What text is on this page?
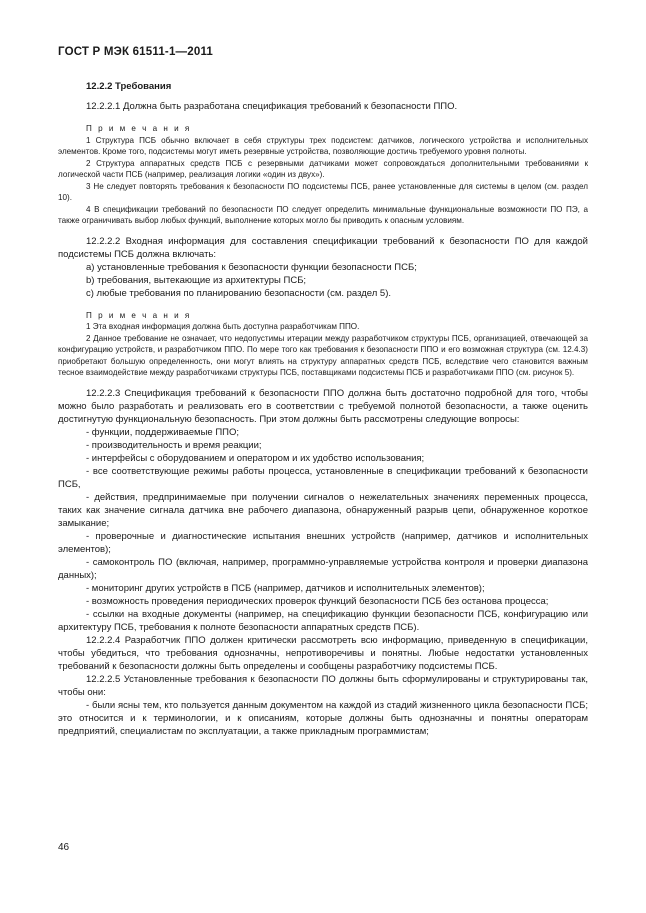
ГОСТ Р МЭК 61511-1—2011

12.2.2 Требования

12.2.2.1 Должна быть разработана спецификация требований к безопасности ППО.

П р и м е ч а н и я

1 Структура ПСБ обычно включает в себя структуры трех подсистем: датчиков, логического устройства и исполнительных элементов. Кроме того, подсистемы могут иметь резервные устройства, позволяющие достичь требуемого уровня полноты.

2 Структура аппаратных средств ПСБ с резервными датчиками может сопровождаться дополнительными требованиями к логической части ПСБ (например, реализация логики «один из двух»).

3 Не следует повторять требования к безопасности ПО подсистемы ПСБ, ранее установленные для системы в целом (см. раздел 10).

4 В спецификации требований по безопасности ПО следует определить минимальные функциональные возможности ПО ПЭ, а также ограничивать выбор любых функций, выполнение которых могло бы приводить к опасным условиям.

12.2.2.2 Входная информация для составления спецификации требований к безопасности ПО для каждой подсистемы ПСБ должна включать:

a) установленные требования к безопасности функции безопасности ПСБ;

b) требования, вытекающие из архитектуры ПСБ;

c) любые требования по планированию безопасности (см. раздел 5).

П р и м е ч а н и я

1 Эта входная информация должна быть доступна разработчикам ППО.

2 Данное требование не означает, что недопустимы итерации между разработчиком структуры ПСБ, организацией, отвечающей за конфигурацию устройств, и разработчиком ППО. По мере того как требования к безопасности ППО и его возможная структура (см. 12.4.3) приобретают большую определенность, они могут влиять на структуру аппаратных средств ПСБ, вследствие чего становится важным тесное взаимодействие между разработчиками структуры ПСБ, поставщиками подсистемы ПСБ и разработчиками ППО (см. рисунок 5).

12.2.2.3 Спецификация требований к безопасности ППО должна быть достаточно подробной для того, чтобы можно было разработать и реализовать его в соответствии с требуемой полнотой безопасности, а также оценить достигнутую функциональную безопасность. При этом должны быть рассмотрены следующие вопросы:

- функции, поддерживаемые ППО;

- производительность и время реакции;

- интерфейсы с оборудованием и оператором и их удобство использования;

- все соответствующие режимы работы процесса, установленные в спецификации требований к безопасности ПСБ,

- действия, предпринимаемые при получении сигналов о нежелательных значениях переменных процесса, таких как значение сигнала датчика вне рабочего диапазона, обнаруженный разрыв цепи, обнаруженное короткое замыкание;

- проверочные и диагностические испытания внешних устройств (например, датчиков и исполнительных элементов);

- самоконтроль ПО (включая, например, программно-управляемые устройства контроля и проверки диапазона данных);

- мониторинг других устройств в ПСБ (например, датчиков и исполнительных элементов);

- возможность проведения периодических проверок функций безопасности ПСБ без останова процесса;

- ссылки на входные документы (например, на спецификацию функции безопасности ПСБ, конфигурацию или архитектуру ПСБ, требования к полноте безопасности аппаратных средств ПСБ).

12.2.2.4 Разработчик ППО должен критически рассмотреть всю информацию, приведенную в спецификации, чтобы убедиться, что требования однозначны, непротиворечивы и понятны. Любые недостатки установленных требований к безопасности должны быть определены и сообщены разработчику подсистемы ПСБ.

12.2.2.5 Установленные требования к безопасности ПО должны быть сформулированы и структурированы так, чтобы они:

- были ясны тем, кто пользуется данным документом на каждой из стадий жизненного цикла безопасности ПСБ; это относится и к терминологии, и к описаниям, которые должны быть однозначны и понятны операторам предприятий, специалистам по эксплуатации, а также прикладным программистам;

46
